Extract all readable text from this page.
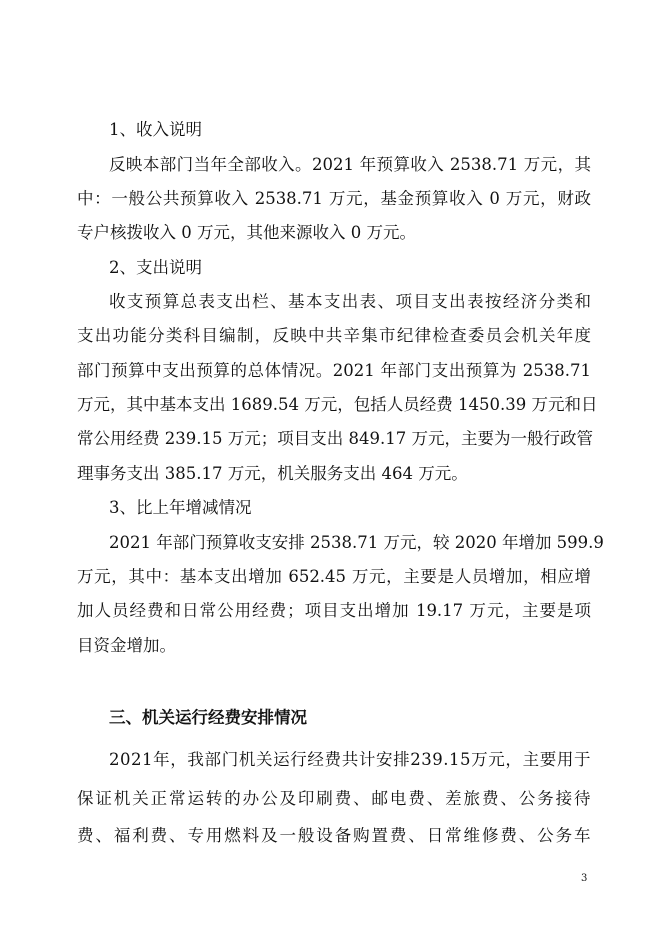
1、收入说明
反映本部门当年全部收入。2021 年预算收入 2538.71 万元，其
中：一般公共预算收入 2538.71 万元，基金预算收入 0 万元，财政
专户核拨收入 0 万元，其他来源收入 0 万元。
2、支出说明
收支预算总表支出栏、基本支出表、项目支出表按经济分类和
支出功能分类科目编制，反映中共辛集市纪律检查委员会机关年度
部门预算中支出预算的总体情况。2021 年部门支出预算为 2538.71
万元，其中基本支出 1689.54 万元，包括人员经费 1450.39 万元和日
常公用经费 239.15 万元；项目支出 849.17 万元，主要为一般行政管
理事务支出 385.17 万元，机关服务支出 464 万元。
3、比上年增减情况
2021 年部门预算收支安排 2538.71 万元，较 2020 年增加 599.9
万元，其中：基本支出增加 652.45 万元，主要是人员增加，相应增
加人员经费和日常公用经费；项目支出增加 19.17 万元，主要是项
目资金增加。
三、机关运行经费安排情况
2021年，我部门机关运行经费共计安排239.15万元，主要用于
保证机关正常运转的办公及印刷费、邮电费、差旅费、公务接待
费、福利费、专用燃料及一般设备购置费、日常维修费、公务车
3
